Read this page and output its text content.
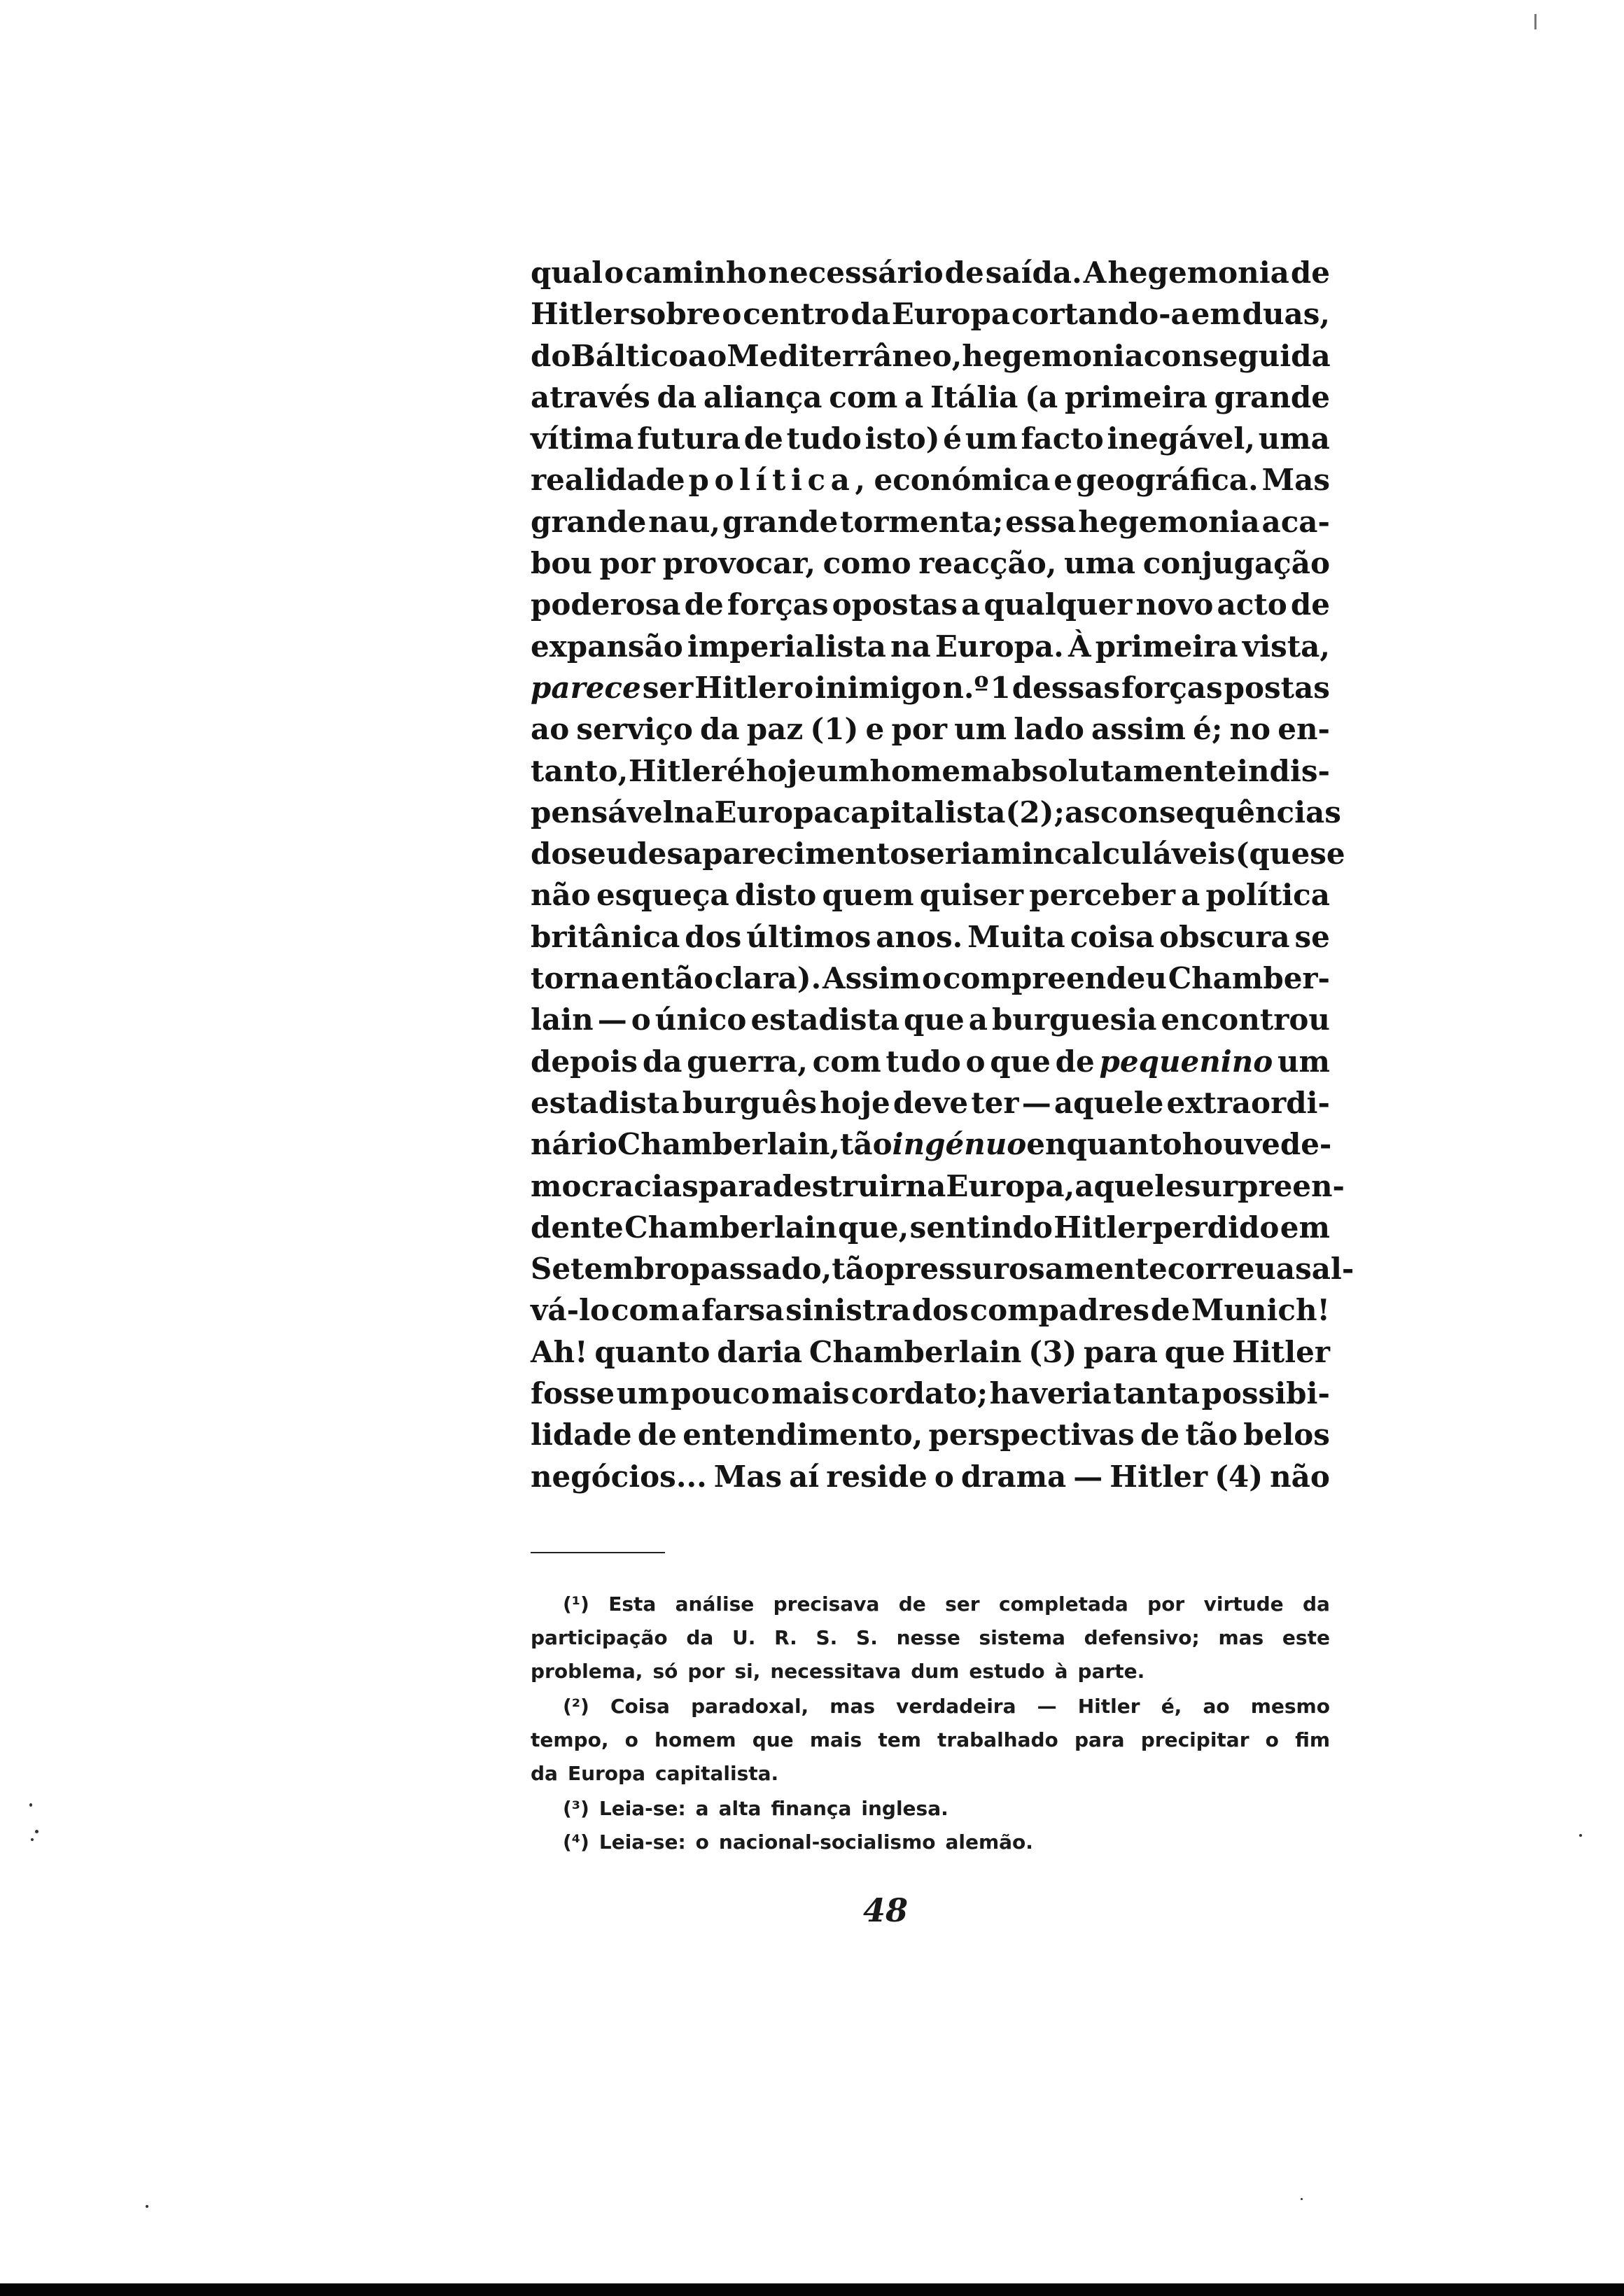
qual o caminho necessário de saída. A hegemonia de
Hitler sobre o centro da Europa cortando-a em duas,
do Báltico ao Mediterrâneo, hegemonia conseguida
através da aliança com a Itália (a primeira grande
vítima futura de tudo isto) é um facto inegável, uma
realidade política, económica e geográfica. Mas
grande nau, grande tormenta; essa hegemonia aca-
bou por provocar, como reacção, uma conjugação
poderosa de forças opostas a qualquer novo acto de
expansão imperialista na Europa. À primeira vista,
parece ser Hitler o inimigo n.º 1 dessas forças postas
ao serviço da paz (1) e por um lado assim é; no en-
tanto, Hitler é hoje um homem absolutamente indis-
pensável na Europa capitalista (2); as consequências
do seu desaparecimento seriam incalculáveis (que se
não esqueça disto quem quiser perceber a política
britânica dos últimos anos. Muita coisa obscura se
torna então clara). Assim o compreendeu Chamber-
lain — o único estadista que a burguesia encontrou
depois da guerra, com tudo o que de pequenino um
estadista burguês hoje deve ter — aquele extraordi-
nário Chamberlain, tão ingénuo enquanto houve de-
mocracias para destruir na Europa, aquele surpreen-
dente Chamberlain que, sentindo Hitler perdido em
Setembro passado, tão pressurosamente correu a sal-
vá-lo com a farsa sinistra dos compadres de Munich!
Ah! quanto daria Chamberlain (3) para que Hitler
fosse um pouco mais cordato; haveria tanta possibi-
lidade de entendimento, perspectivas de tão belos
negócios... Mas aí reside o drama — Hitler (4) não
(¹) Esta análise precisava de ser completada por virtude da
participação da U. R. S. S. nesse sistema defensivo; mas este
problema, só por si, necessitava dum estudo à parte.
(²) Coisa paradoxal, mas verdadeira — Hitler é, ao mesmo
tempo, o homem que mais tem trabalhado para precipitar o fim
da Europa capitalista.
(³) Leia-se: a alta finança inglesa.
(⁴) Leia-se: o nacional-socialismo alemão.
48
